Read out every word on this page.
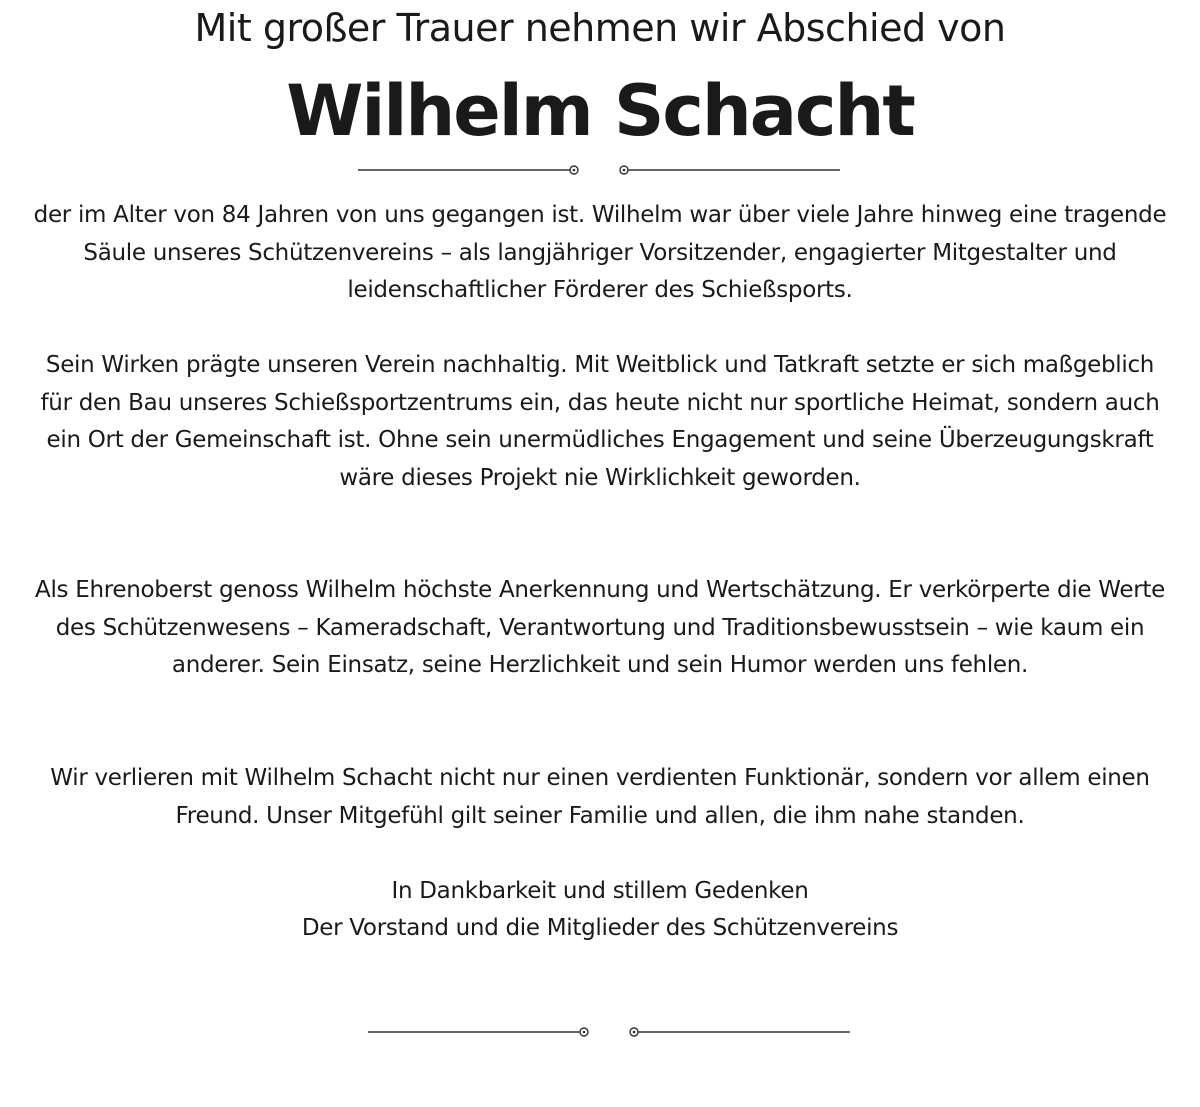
Mit großer Trauer nehmen wir Abschied von
Wilhelm Schacht

der im Alter von 84 Jahren von uns gegangen ist. Wilhelm war über viele Jahre hinweg eine tragende Säule unseres Schützenvereins – als langjähriger Vorsitzender, engagierter Mitgestalter und leidenschaftlicher Förderer des Schießsports.

Sein Wirken prägte unseren Verein nachhaltig. Mit Weitblick und Tatkraft setzte er sich maßgeblich für den Bau unseres Schießsportzentrums ein, das heute nicht nur sportliche Heimat, sondern auch ein Ort der Gemeinschaft ist. Ohne sein unermüdliches Engagement und seine Überzeugungskraft wäre dieses Projekt nie Wirklichkeit geworden.

Als Ehrenoberst genoss Wilhelm höchste Anerkennung und Wertschätzung. Er verkörperte die Werte des Schützenwesens – Kameradschaft, Verantwortung und Traditionsbewusstsein – wie kaum ein anderer. Sein Einsatz, seine Herzlichkeit und sein Humor werden uns fehlen.

Wir verlieren mit Wilhelm Schacht nicht nur einen verdienten Funktionär, sondern vor allem einen Freund. Unser Mitgefühl gilt seiner Familie und allen, die ihm nahe standen.

In Dankbarkeit und stillem Gedenken

Der Vorstand und die Mitglieder des Schützenvereins
